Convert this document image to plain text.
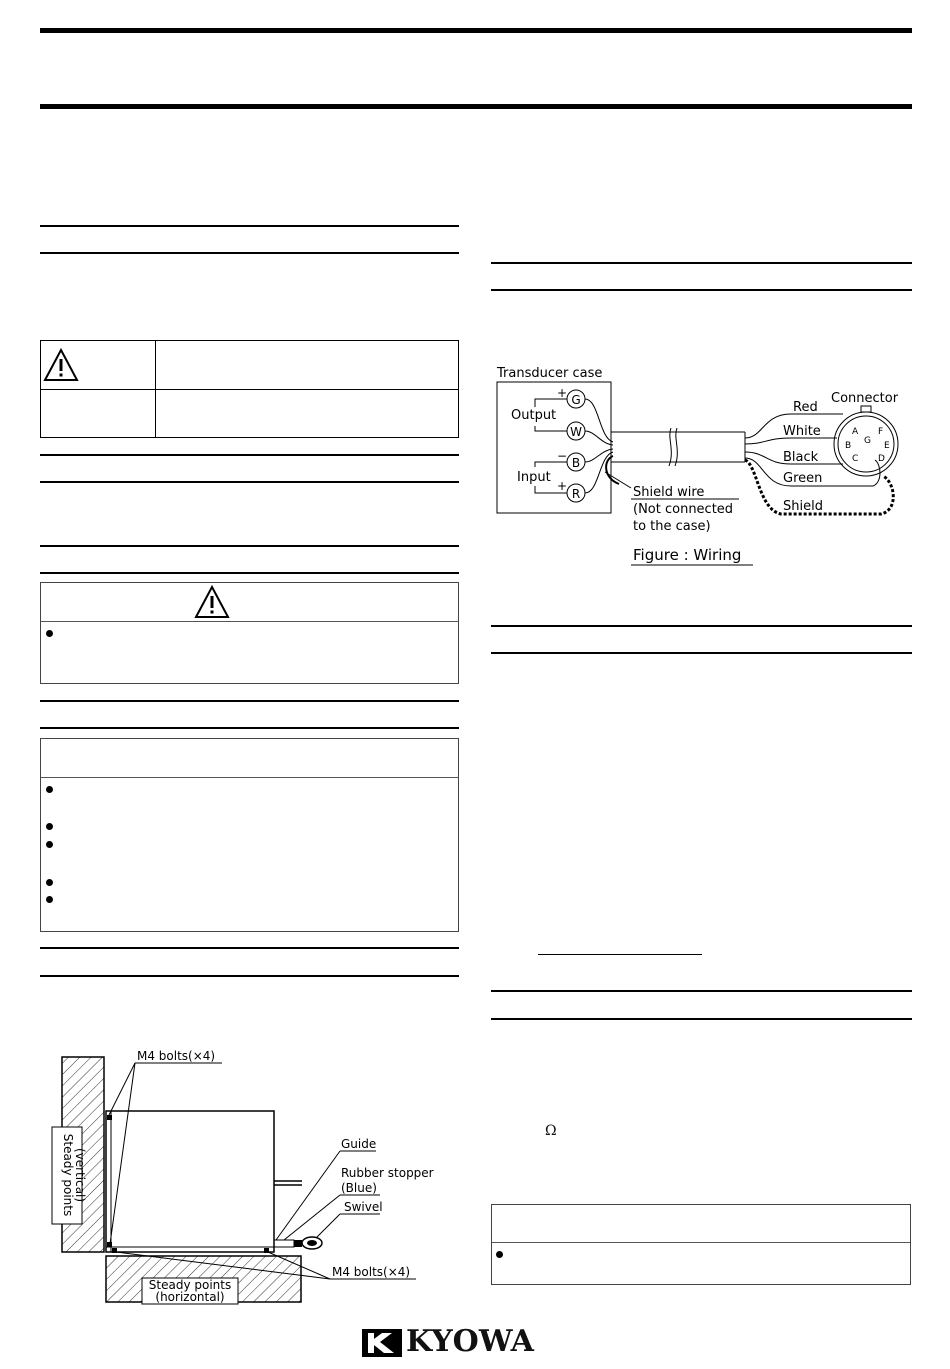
Steady points
(vertical)
Steady points
(horizontal)
M4 bolts(×4)
Guide
Rubber stopper
(Blue)
Swivel
M4 bolts(×4)
Transducer case
Output
Input
+
−
+
G
W
B
R
Red
White
Black
Green
Shield
Connector
A
B
C D
E
F
G
Shield wire
(Not connected
to the case)
Figure : Wiring
Ω
KYOWA
